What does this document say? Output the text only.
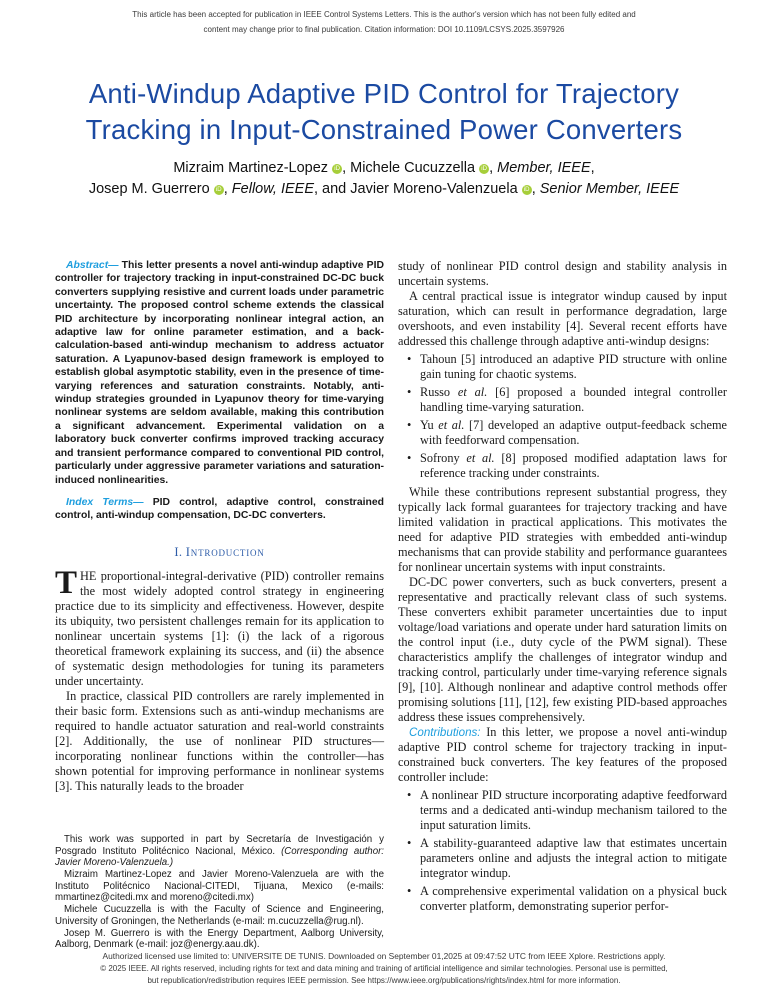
This article has been accepted for publication in IEEE Control Systems Letters. This is the author's version which has not been fully edited and
content may change prior to final publication. Citation information: DOI 10.1109/LCSYS.2025.3597926
Anti-Windup Adaptive PID Control for Trajectory
Tracking in Input-Constrained Power Converters
Mizraim Martinez-Lopez iD , Michele Cucuzzella iD , Member, IEEE,
Josep M. Guerrero iD , Fellow, IEEE, and Javier Moreno-Valenzuela iD , Senior Member, IEEE

Abstract— This letter presents a novel anti-windup adaptive PID controller for trajectory tracking in input-constrained DC-DC buck converters supplying resistive and current loads under parametric uncertainty. The proposed control scheme extends the classical PID architecture by incorporating nonlinear integral action, an adaptive law for online parameter estimation, and a back-calculation-based anti-windup mechanism to address actuator saturation. A Lyapunov-based design framework is employed to establish global asymptotic stability, even in the presence of time-varying references and saturation constraints. Notably, anti-windup strategies grounded in Lyapunov theory for time-varying nonlinear systems are seldom available, making this contribution a significant advancement. Experimental validation on a laboratory buck converter confirms improved tracking accuracy and transient performance compared to conventional PID control, particularly under aggressive parameter variations and saturation-induced nonlinearities.

Index Terms— PID control, adaptive control, constrained control, anti-windup compensation, DC-DC converters.

I. Introduction

THE proportional-integral-derivative (PID) controller remains the most widely adopted control strategy in engineering practice due to its simplicity and effectiveness. However, despite its ubiquity, two persistent challenges remain for its application to nonlinear uncertain systems [1]: (i) the lack of a rigorous theoretical framework explaining its success, and (ii) the absence of systematic design methodologies for tuning its parameters under uncertainty.

In practice, classical PID controllers are rarely implemented in their basic form. Extensions such as anti-windup mechanisms are required to handle actuator saturation and real-world constraints [2]. Additionally, the use of nonlinear PID structures—incorporating nonlinear functions within the controller—has shown potential for improving performance in nonlinear systems [3]. This naturally leads to the broader

This work was supported in part by Secretaría de Investigación y Posgrado Instituto Politécnico Nacional, México. (Corresponding author: Javier Moreno-Valenzuela.)

Mizraim Martinez-Lopez and Javier Moreno-Valenzuela are with the Instituto Politécnico Nacional-CITEDI, Tijuana, Mexico (e-mails: mmartinez@citedi.mx and moreno@citedi.mx)

Michele Cucuzzella is with the Faculty of Science and Engineering, University of Groningen, the Netherlands (e-mail: m.cucuzzella@rug.nl).

Josep M. Guerrero is with the Energy Department, Aalborg University, Aalborg, Denmark (e-mail: joz@energy.aau.dk).

study of nonlinear PID control design and stability analysis in uncertain systems.

A central practical issue is integrator windup caused by input saturation, which can result in performance degradation, large overshoots, and even instability [4]. Several recent efforts have addressed this challenge through adaptive anti-windup designs:

• Tahoun [5] introduced an adaptive PID structure with online gain tuning for chaotic systems.
• Russo et al. [6] proposed a bounded integral controller handling time-varying saturation.
• Yu et al. [7] developed an adaptive output-feedback scheme with feedforward compensation.
• Sofrony et al. [8] proposed modified adaptation laws for reference tracking under constraints.

While these contributions represent substantial progress, they typically lack formal guarantees for trajectory tracking and have limited validation in practical applications. This motivates the need for adaptive PID strategies with embedded anti-windup mechanisms that can provide stability and performance guarantees for nonlinear uncertain systems with input constraints.

DC-DC power converters, such as buck converters, present a representative and practically relevant class of such systems. These converters exhibit parameter uncertainties due to input voltage/load variations and operate under hard saturation limits on the control input (i.e., duty cycle of the PWM signal). These characteristics amplify the challenges of integrator windup and tracking control, particularly under time-varying reference signals [9], [10]. Although nonlinear and adaptive control methods offer promising solutions [11], [12], few existing PID-based approaches address these issues comprehensively.

Contributions: In this letter, we propose a novel anti-windup adaptive PID control scheme for trajectory tracking in input-constrained buck converters. The key features of the proposed controller include:

• A nonlinear PID structure incorporating adaptive feedforward terms and a dedicated anti-windup mechanism tailored to the input saturation limits.
• A stability-guaranteed adaptive law that estimates uncertain parameters online and adjusts the integral action to mitigate integrator windup.
• A comprehensive experimental validation on a physical buck converter platform, demonstrating superior perfor-
Authorized licensed use limited to: UNIVERSITE DE TUNIS. Downloaded on September 01,2025 at 09:47:52 UTC from IEEE Xplore. Restrictions apply.
© 2025 IEEE. All rights reserved, including rights for text and data mining and training of artificial intelligence and similar technologies. Personal use is permitted,
but republication/redistribution requires IEEE permission. See https://www.ieee.org/publications/rights/index.html for more information.
